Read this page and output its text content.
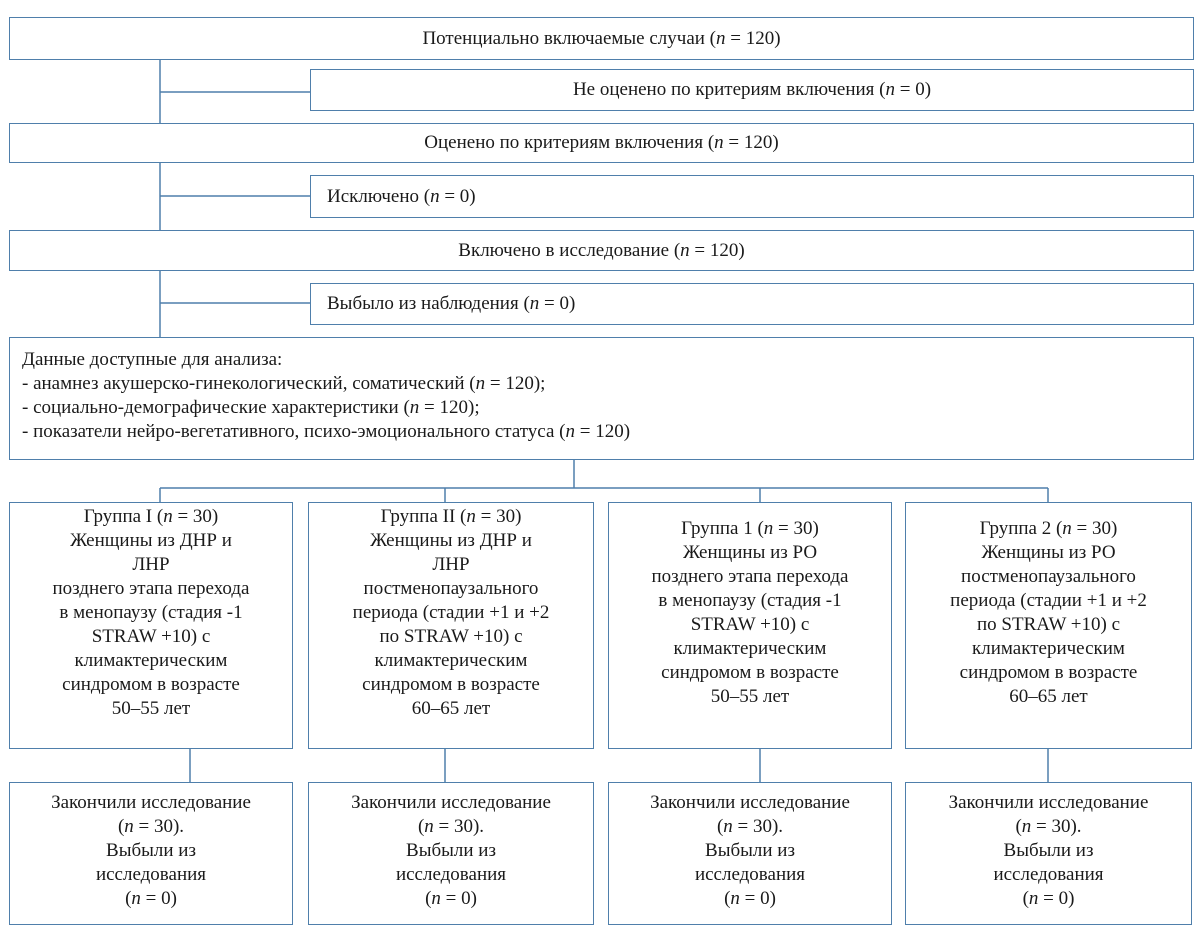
Потенциально включаемые случаи (n = 120)
Не оценено по критериям включения (n = 0)
Оценено по критериям включения (n = 120)
Исключено (n = 0)
Включено в исследование (n = 120)
Выбыло из наблюдения (n = 0)
Данные доступные для анализа:
- анамнез акушерско-гинекологический, соматический (n = 120);
- социально-демографические характеристики (n = 120);
- показатели нейро-вегетативного, психо-эмоционального статуса (n = 120)
Группа I (n = 30)
Женщины из ДНР и
ЛНР
позднего этапа перехода
в менопаузу (стадия -1
STRAW +10) с
климактерическим
синдромом в возрасте
50–55 лет
Группа II (n = 30)
Женщины из ДНР и
ЛНР
постменопаузального
периода (стадии +1 и +2
по STRAW +10) с
климактерическим
синдромом в возрасте
60–65 лет
Группа 1 (n = 30)
Женщины из РО
позднего этапа перехода
в менопаузу (стадия -1
STRAW +10) с
климактерическим
синдромом в возрасте
50–55 лет
Группа 2 (n = 30)
Женщины из РО
постменопаузального
периода (стадии +1 и +2
по STRAW +10) с
климактерическим
синдромом в возрасте
60–65 лет
Закончили исследование
(n = 30).
Выбыли из
исследования
(n = 0)
Закончили исследование
(n = 30).
Выбыли из
исследования
(n = 0)
Закончили исследование
(n = 30).
Выбыли из
исследования
(n = 0)
Закончили исследование
(n = 30).
Выбыли из
исследования
(n = 0)
